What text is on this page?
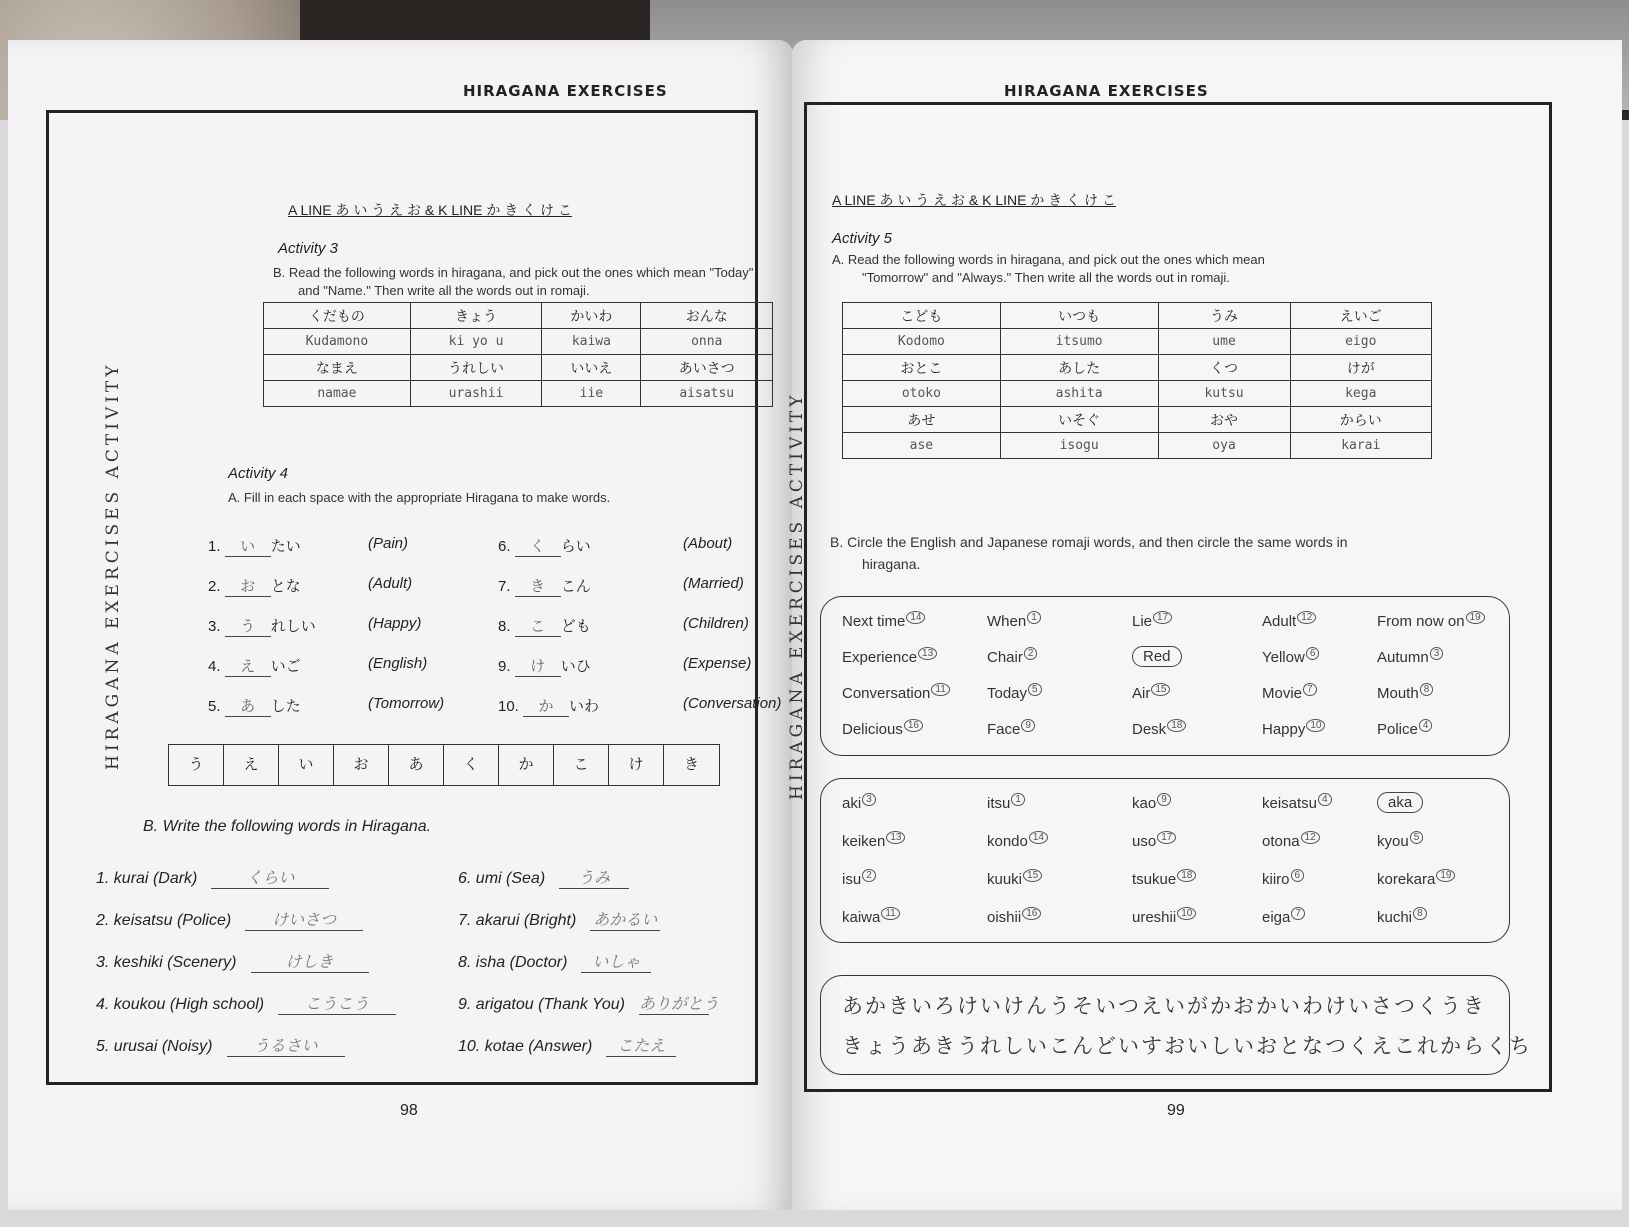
HIRAGANA EXERCISES
HIRAGANA EXERCISES ACTIVITY
A LINE あ い う え お & K LINE か き く け こ
Activity 3
B. Read the following words in hiragana, and pick out the ones which mean "Today"
and "Name." Then write all the words out in romaji.
くだもの	きょう	かいわ	おんな

Kudamono	ki yo u	kaiwa	onna

なまえ	うれしい	いいえ	あいさつ

namae	urashii	iie	aisatsu
Activity 4
A. Fill in each space with the appropriate Hiragana to make words.
1. い たい	(Pain)
2. お とな	(Adult)
3. う れしい	(Happy)
4. え いご	(English)
5. あ した	(Tomorrow)
6. く らい	(About)
7. き こん	(Married)
8. こ ども	(Children)
9. け いひ	(Expense)
10. か いわ	(Conversation)
う	え	い	お	あ	く	か	こ	け	き
B. Write the following words in Hiragana.
1. kurai (Dark)	くらい
2. keisatsu (Police)	けいさつ
3. keshiki (Scenery)	けしき
4. koukou (High school)	こうこう
5. urusai (Noisy)	うるさい
6. umi (Sea) うみ
7. akarui (Bright) あかるい
8. isha (Doctor) いしゃ
9. arigatou (Thank You) ありがとう
10. kotae (Answer) こたえ
98
HIRAGANA EXERCISES
HIRAGANA EXERCISES ACTIVITY
A LINE あ い う え お & K LINE か き く け こ
Activity 5
A. Read the following words in hiragana, and pick out the ones which mean
"Tomorrow" and "Always." Then write all the words out in romaji.
こども	いつも	うみ	えいご

Kodomo	itsumo	ume	eigo

おとこ	あした	くつ	けが

otoko	ashita	kutsu	kega

あせ	いそぐ	おや	からい

ase	isogu	oya	karai
B. Circle the English and Japanese romaji words, and then circle the same words in
hiragana.
Next time $^{14}$	When $^1$	Lie $^{17}$	Adult $^{12}$	From now on $^{19}$
Experience $^{13}$	Chair $^2$	Red	Yellow $^6$	Autumn $^3$
Conversation $^{11}$	Today $^5$	Air $^{15}$	Movie $^7$	Mouth $^8$
Delicious $^{16}$	Face $^9$	Desk $^{18}$	Happy $^{10}$	Police $^4$
aki $^3$	itsu $^1$	kao $^9$	keisatsu $^4$	aka
keiken $^{13}$	kondo $^{14}$	uso $^{17}$	otona $^{12}$	kyou $^5$
isu $^2$	kuuki $^{15}$	tsukue $^{18}$	kiiro $^6$	korekara $^{19}$
kaiwa $^{11}$	oishii $^{16}$	ureshii $^{10}$	eiga $^7$	kuchi $^8$
あかきいろけいけんうそいつえいがかおかいわけいさつくうき
きょうあきうれしいこんどいすおいしいおとなつくえこれからくち
99
